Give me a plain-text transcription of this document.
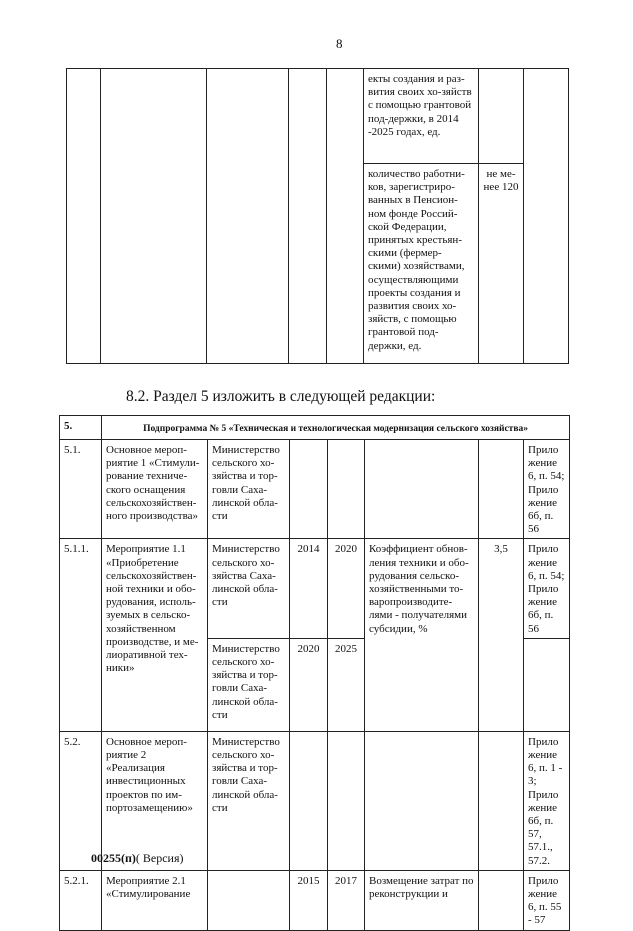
8
					екты создания и раз-вития своих хо-зяйств с помощью грантовой под-держки, в 2014 -2025 годах, ед.		
					количество работни-ков, зарегистриро-ванных в Пенсион-ном фонде Россий-ской Федерации, принятых крестьян-скими (фермер-скими) хозяйствами, осуществляющими проекты создания и развития своих хо-зяйств, с помощью грантовой под-держки, ед.	не ме-нее 120	
8.2. Раздел 5 изложить в следующей редакции:
5.	Подпрограмма № 5 «Техническая и технологическая модернизация сельского хозяйства»						
5.1.	Основное мероп-риятие 1 «Стимули-рование техниче-ского оснащения сельскохозяйствен-ного производства»	Министерство сельского хо-зяйства и тор-говли Саха-линской обла-сти					Приложение 6, п. 54; Приложение 6б, п. 56
5.1.1.	Мероприятие 1.1 «Приобретение сельскохозяйствен-ной техники и обо-рудования, исполь-зуемых в сельско-хозяйственном производстве, и ме-лиоративной тех-ники»	Министерство сельского хо-зяйства Саха-линской обла-сти	2014	2020	Коэффициент обнов-ления техники и обо-рудования сельско-хозяйственными то-варопроизводите-лями - получателями субсидии, %	3,5	Приложение 6, п. 54; Приложение 6б, п. 56
		Министерство сельского хо-зяйства и тор-говли Саха-линской обла-сти	2020	2025			
5.2.	Основное мероп-риятие 2 «Реализация инвестиционных проектов по им-портозамещению»	Министерство сельского хо-зяйства и тор-говли Саха-линской обла-сти					Приложение 6, п. 1 - 3; Приложение 6б, п. 57, 57.1., 57.2.
5.2.1.	Мероприятие 2.1 «Стимулирование		2015	2017	Возмещение затрат по реконструкции и		Приложение 6, п. 55 - 57
00255(п)( Версия)
